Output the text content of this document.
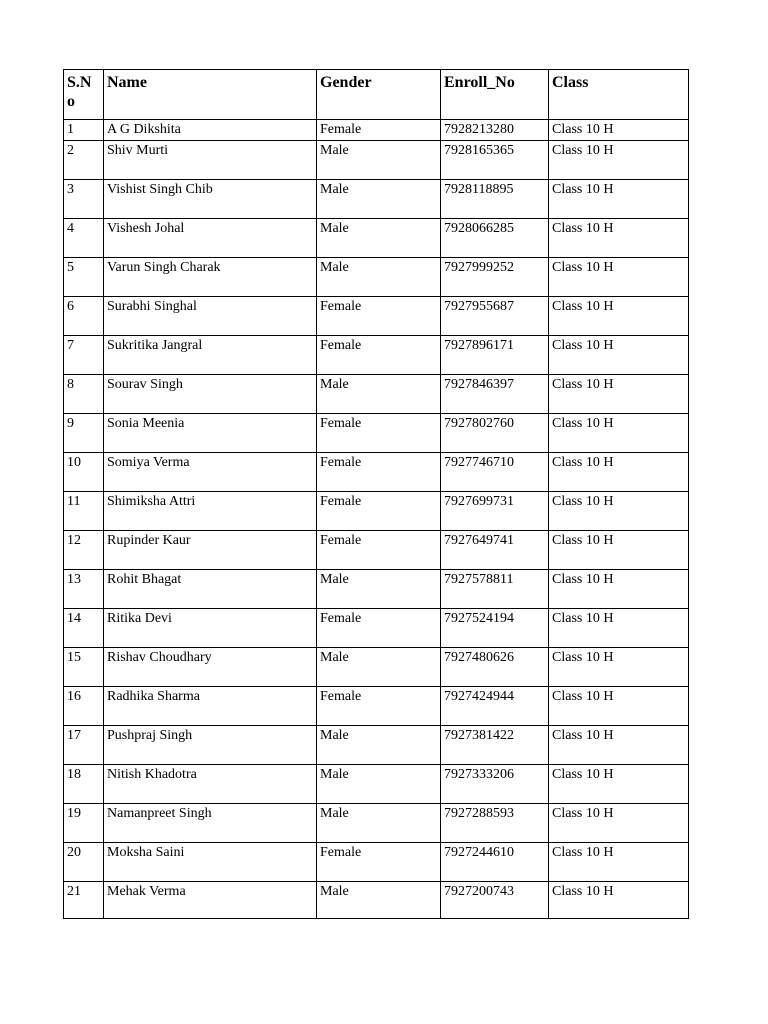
S.N o	Name	Gender	Enroll_No	Class
1	A G Dikshita	Female	7928213280	Class 10 H
2	Shiv Murti	Male	7928165365	Class 10 H
3	Vishist Singh Chib	Male	7928118895	Class 10 H
4	Vishesh Johal	Male	7928066285	Class 10 H
5	Varun Singh Charak	Male	7927999252	Class 10 H
6	Surabhi Singhal	Female	7927955687	Class 10 H
7	Sukritika Jangral	Female	7927896171	Class 10 H
8	Sourav Singh	Male	7927846397	Class 10 H
9	Sonia Meenia	Female	7927802760	Class 10 H
10	Somiya Verma	Female	7927746710	Class 10 H
11	Shimiksha Attri	Female	7927699731	Class 10 H
12	Rupinder Kaur	Female	7927649741	Class 10 H
13	Rohit Bhagat	Male	7927578811	Class 10 H
14	Ritika Devi	Female	7927524194	Class 10 H
15	Rishav Choudhary	Male	7927480626	Class 10 H
16	Radhika Sharma	Female	7927424944	Class 10 H
17	Pushpraj Singh	Male	7927381422	Class 10 H
18	Nitish Khadotra	Male	7927333206	Class 10 H
19	Namanpreet Singh	Male	7927288593	Class 10 H
20	Moksha Saini	Female	7927244610	Class 10 H
21	Mehak Verma	Male	7927200743	Class 10 H
